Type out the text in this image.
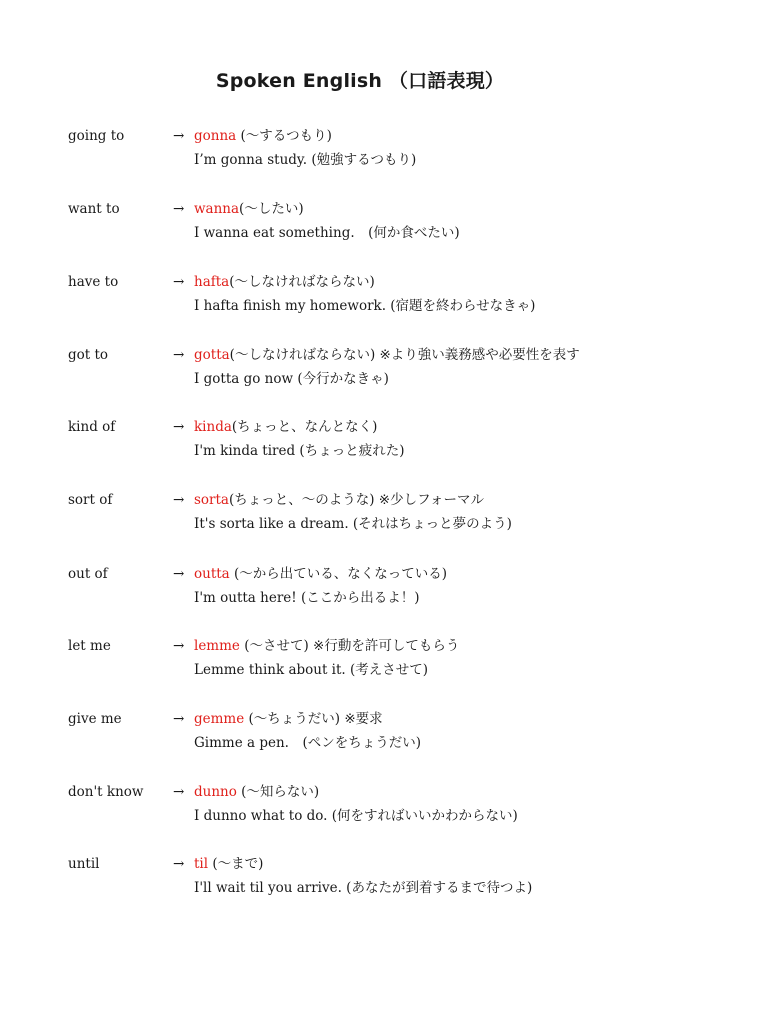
Spoken English （口語表現）
going to	→ gonna (～するつもり)
I’m gonna study. (勉強するつもり)
want to	→ wanna(～したい)
I wanna eat something.　(何か食べたい)
have to	→ hafta(～しなければならない)
I hafta finish my homework. (宿題を終わらせなきゃ)
got to	→ gotta(～しなければならない) ※より強い義務感や必要性を表す
I gotta go now (今行かなきゃ)
kind of	→ kinda(ちょっと、なんとなく)
I'm kinda tired (ちょっと疲れた)
sort of	→ sorta(ちょっと、～のような) ※少しフォーマル
It's sorta like a dream. (それはちょっと夢のよう)
out of	→ outta (～から出ている、なくなっている)
I'm outta here! (ここから出るよ！)
let me	→ lemme (～させて) ※行動を許可してもらう
Lemme think about it. (考えさせて)
give me	→ gemme (～ちょうだい) ※要求
Gimme a pen.　(ペンをちょうだい)
don't know → dunno (～知らない)
I dunno what to do. (何をすればいいかわからない)
until	→ til (～まで)
I'll wait til you arrive. (あなたが到着するまで待つよ)
